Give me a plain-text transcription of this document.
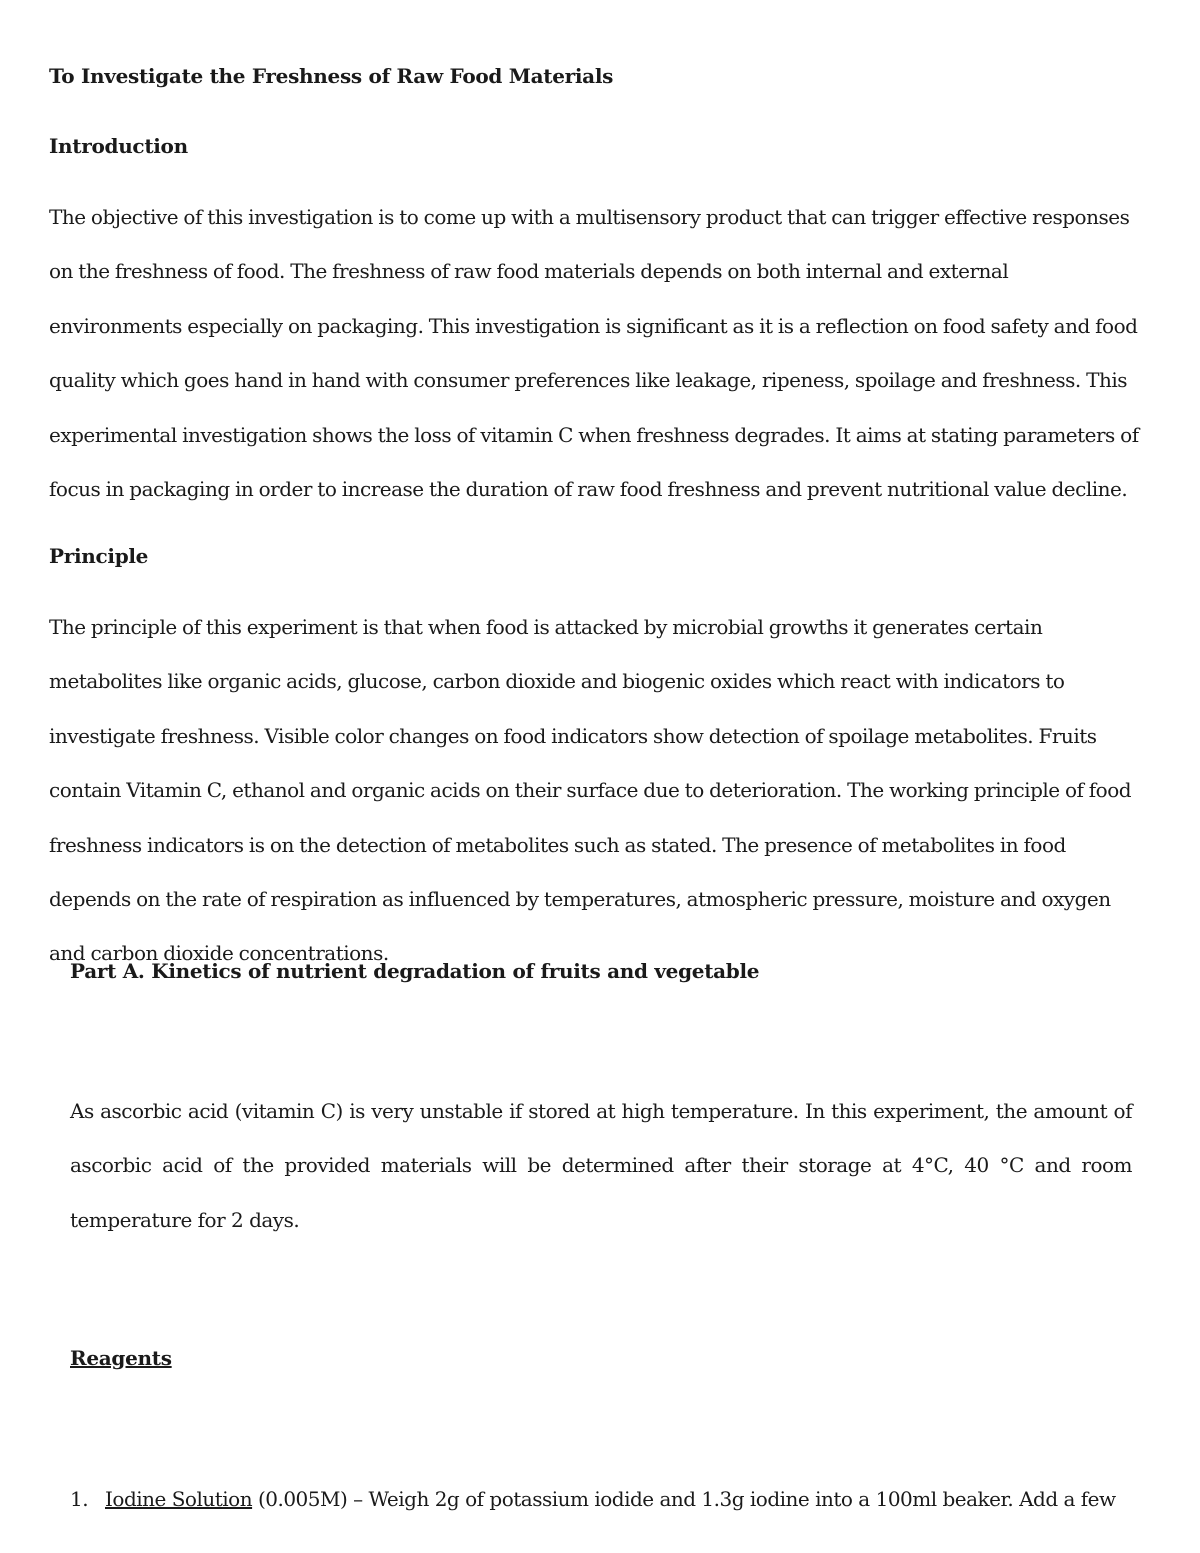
To Investigate the Freshness of Raw Food Materials
Introduction

The objective of this investigation is to come up with a multisensory product that can trigger effective responses on the freshness of food. The freshness of raw food materials depends on both internal and external environments especially on packaging. This investigation is significant as it is a reflection on food safety and food quality which goes hand in hand with consumer preferences like leakage, ripeness, spoilage and freshness. This experimental investigation shows the loss of vitamin C when freshness degrades. It aims at stating parameters of focus in packaging in order to increase the duration of raw food freshness and prevent nutritional value decline.

Principle

The principle of this experiment is that when food is attacked by microbial growths it generates certain metabolites like organic acids, glucose, carbon dioxide and biogenic oxides which react with indicators to investigate freshness. Visible color changes on food indicators show detection of spoilage metabolites. Fruits contain Vitamin C, ethanol and organic acids on their surface due to deterioration. The working principle of food freshness indicators is on the detection of metabolites such as stated. The presence of metabolites in food depends on the rate of respiration as influenced by temperatures, atmospheric pressure, moisture and oxygen and carbon dioxide concentrations.

Part A. Kinetics of nutrient degradation of fruits and vegetable

As ascorbic acid (vitamin C) is very unstable if stored at high temperature. In this experiment, the amount of ascorbic acid of the provided materials will be determined after their storage at 4°C, 40 °C and room temperature for 2 days.

Reagents
1. Iodine Solution (0.005M) – Weigh 2g of potassium iodide and 1.3g iodine into a 100ml beaker. Add a few
